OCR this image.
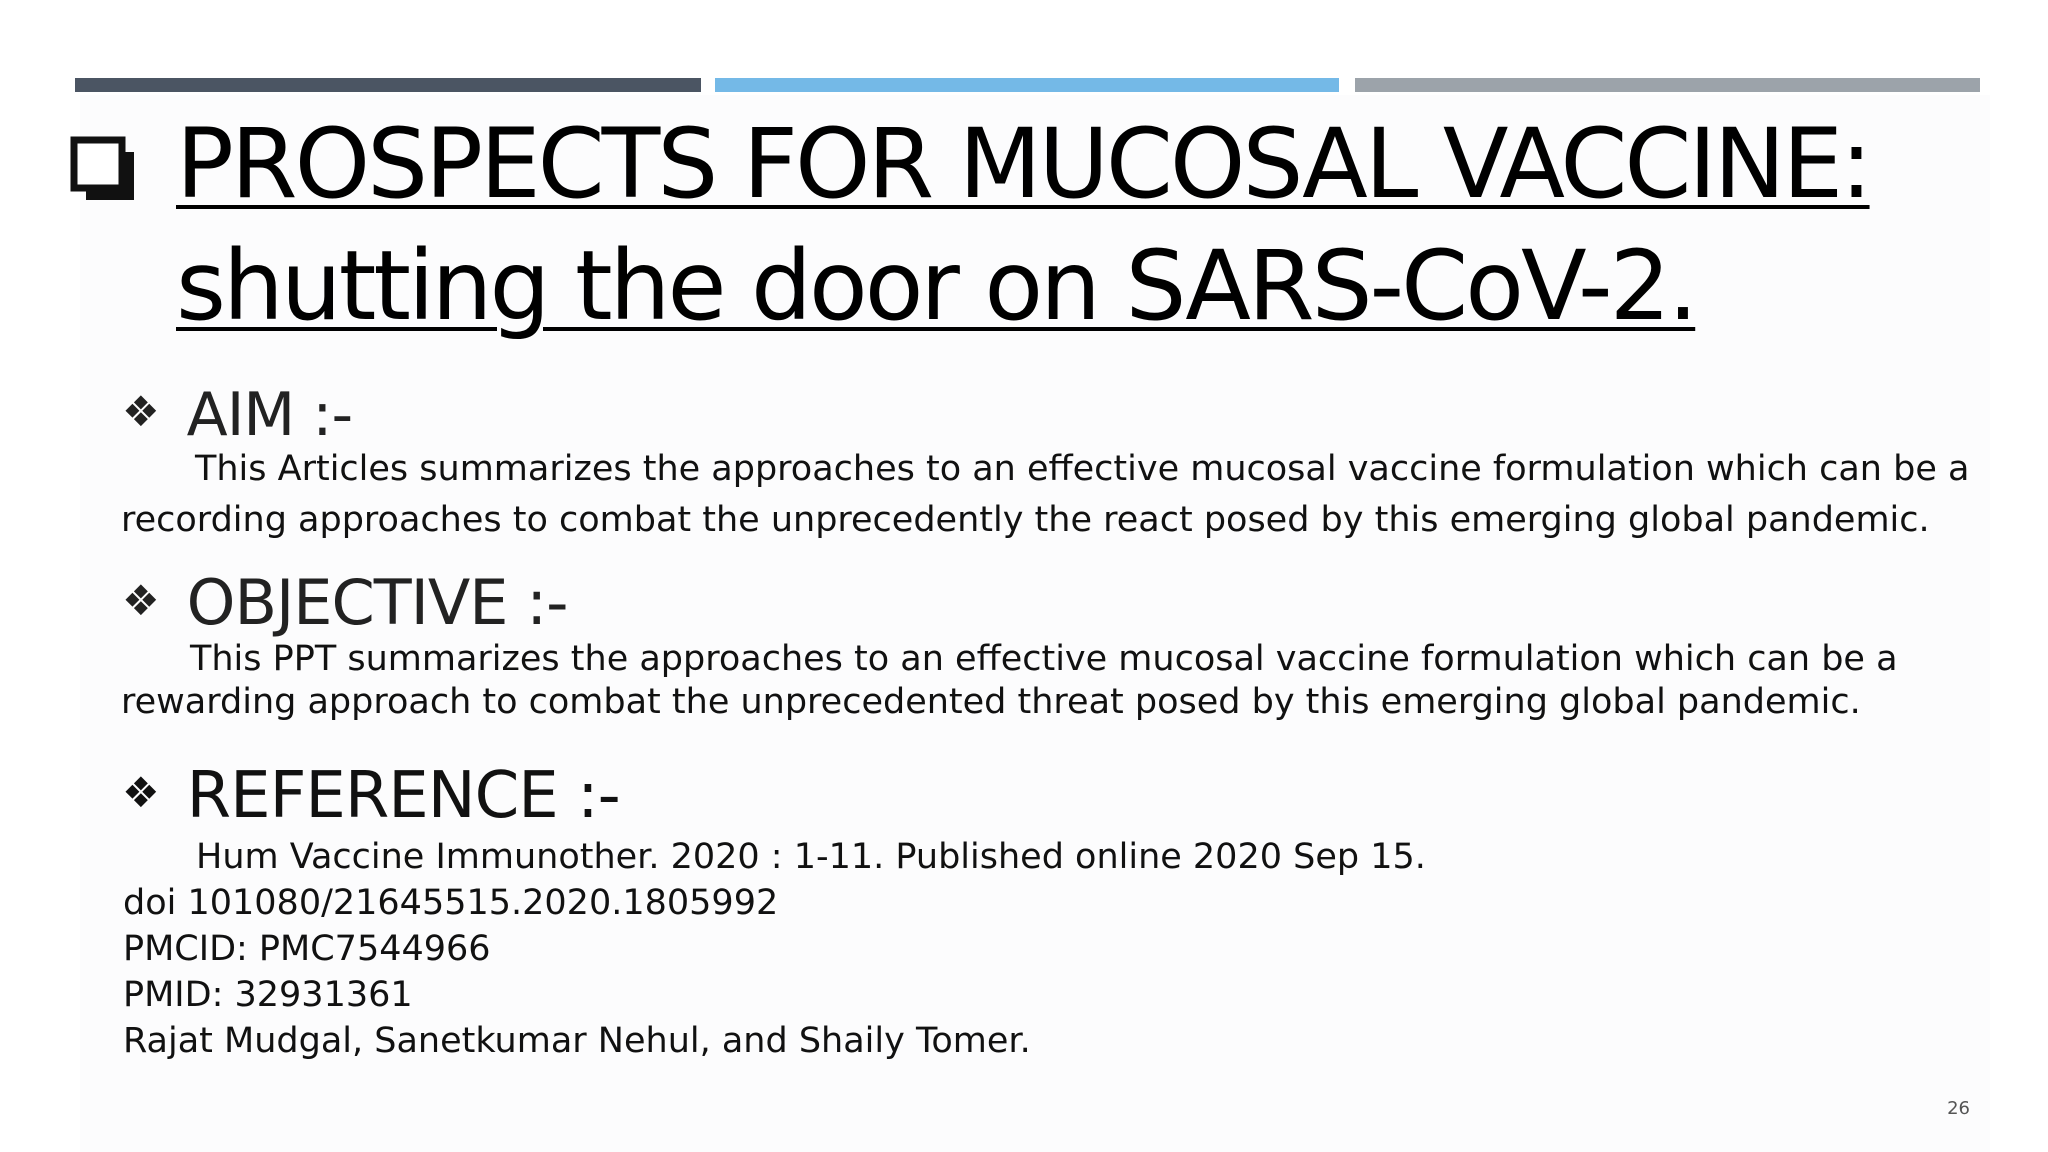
PROSPECTS FOR MUCOSAL VACCINE:
shutting the door on SARS-CoV-2.
❖ AIM :-

This Articles summarizes the approaches to an effective mucosal vaccine formulation which can be a
recording approaches to combat the unprecedently the react posed by this emerging global pandemic.

❖ OBJECTIVE :-

This PPT summarizes the approaches to an effective mucosal vaccine formulation which can be a
rewarding approach to combat the unprecedented threat posed by this emerging global pandemic.

❖ REFERENCE :-
Hum Vaccine Immunother. 2020 : 1-11. Published online 2020 Sep 15.
doi 101080/21645515.2020.1805992
PMCID: PMC7544966
PMID: 32931361
Rajat Mudgal, Sanetkumar Nehul, and Shaily Tomer.
26
